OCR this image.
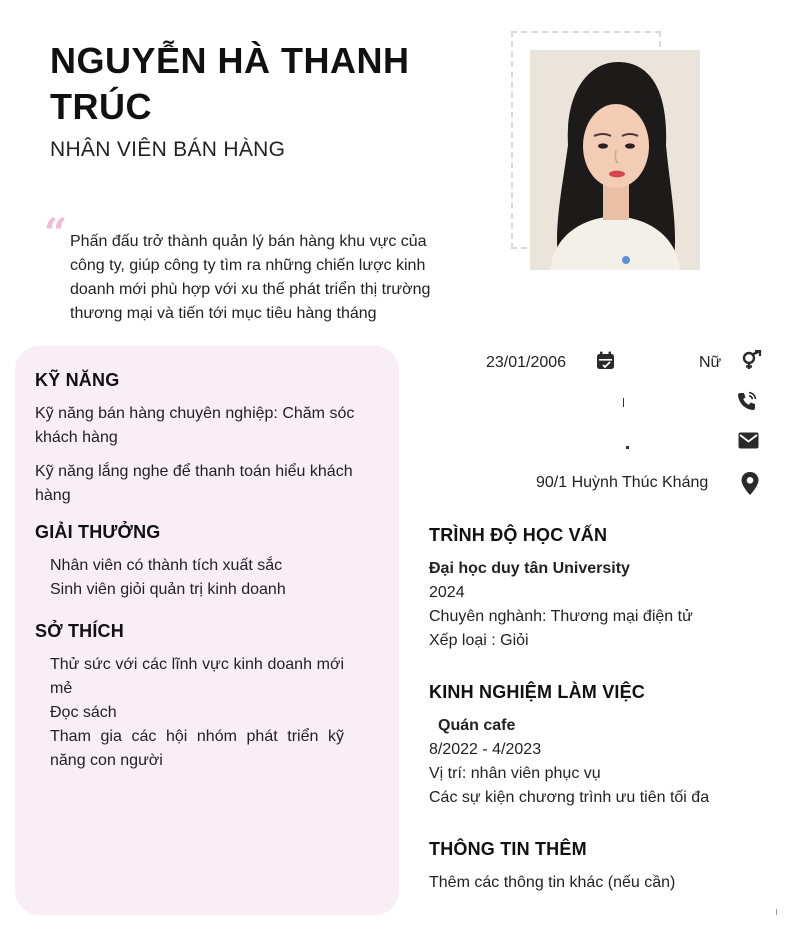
NGUYỄN HÀ THANH TRÚC
NHÂN VIÊN BÁN HÀNG
“ Phấn đấu trở thành quản lý bán hàng khu vực của công ty, giúp công ty tìm ra những chiến lược kinh doanh mới phù hợp với xu thế phát triển thị trường thương mại và tiến tới mục tiêu hàng tháng
KỸ NĂNG
Kỹ năng bán hàng chuyên nghiệp: Chăm sóc khách hàng
Kỹ năng lắng nghe để thanh toán hiểu khách hàng
GIẢI THƯỞNG
Nhân viên có thành tích xuất sắc
Sinh viên giỏi quản trị kinh doanh
SỞ THÍCH
Thử sức với các lĩnh vực kinh doanh mới mẻ
Đọc sách
Tham gia các hội nhóm phát triển kỹ năng con người
23/01/2006	Nữ
90/1 Huỳnh Thúc Kháng
TRÌNH ĐỘ HỌC VẤN
Đại học duy tân University
2024
Chuyên nghành: Thương mại điện tử
Xếp loại : Giỏi
KINH NGHIỆM LÀM VIỆC
Quán cafe
8/2022 - 4/2023
Vị trí: nhân viên phục vụ
Các sự kiện chương trình ưu tiên tối đa
THÔNG TIN THÊM
Thêm các thông tin khác (nếu cần)
